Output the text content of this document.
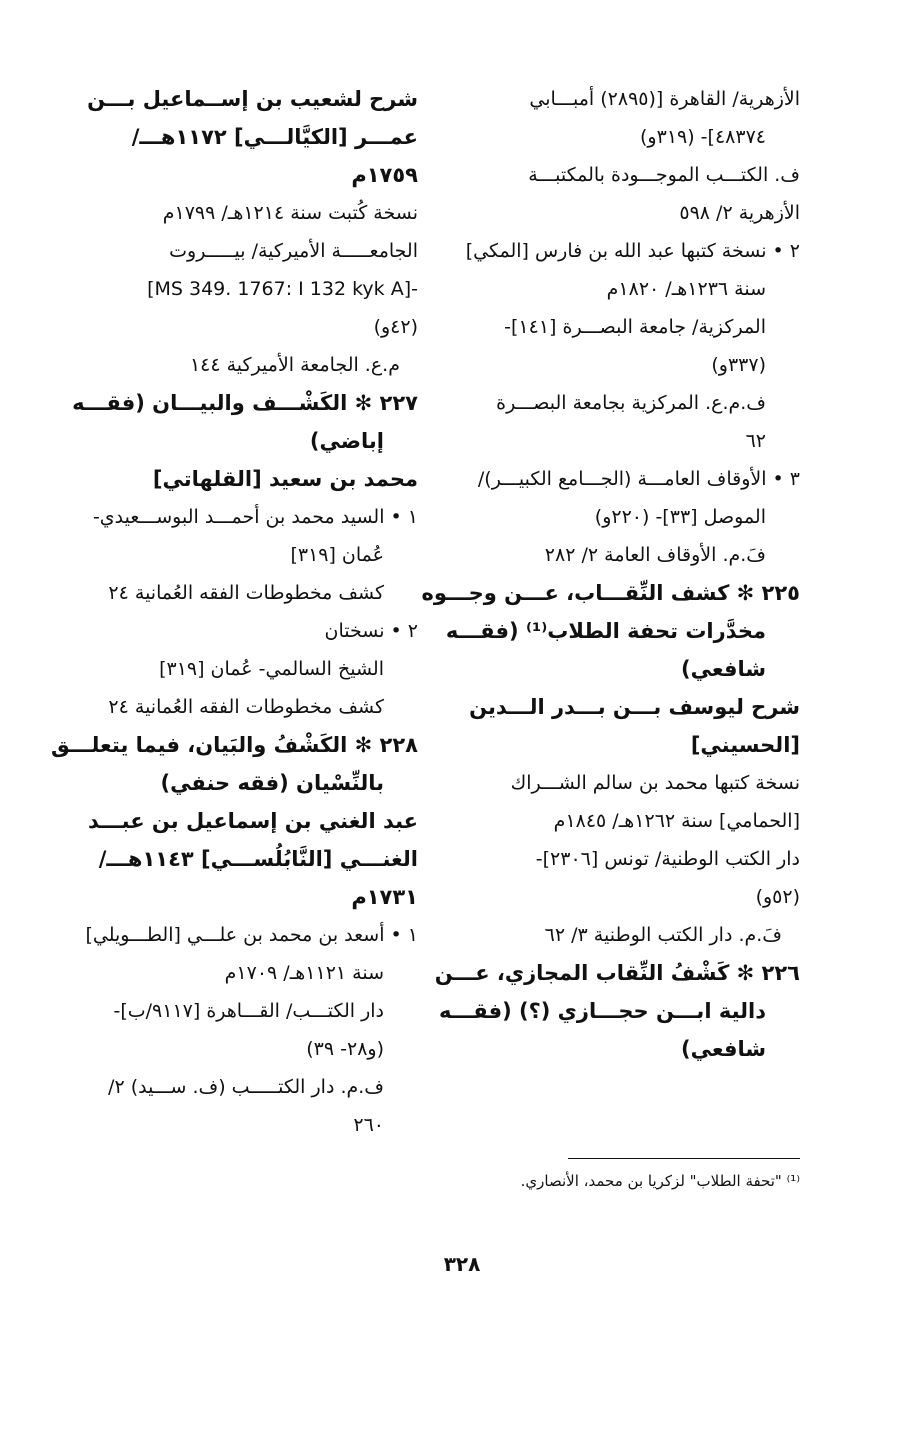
الأزهرية/ القاهرة [(٢٨٩٥) أمبـــابي
٤٨٣٧٤]- (٣١٩و)
ف. الكتـــب الموجـــودة بالمكتبـــة
الأزهرية ٢/ ٥٩٨
٢ • نسخة كتبها عبد الله بن فارس [المكي]
سنة ١٢٣٦هـ/ ١٨٢٠م
المركزية/ جامعة البصـــرة [١٤١]-
(٣٣٧و)
ف.م.ع. المركزية بجامعة البصـــرة
٦٢
٣ • الأوقاف العامـــة (الجـــامع الكبيـــر)/
الموصل [٣٣]- (٢٢٠و)
فَ.م. الأوقاف العامة ٢/ ٢٨٢
٢٢٥ ✻ كشف النِّقـــاب، عـــن وجـــوه
مخدَّرات تحفة الطلاب⁽¹⁾ (فقـــه
شافعي)
شرح ليوسف بـــن بـــدر الـــدين
[الحسيني]
نسخة كتبها محمد بن سالم الشـــراك
[الحمامي] سنة ١٢٦٢هـ/ ١٨٤٥م
دار الكتب الوطنية/ تونس [٢٣٠٦]-
(٥٢و)
فَ.م. دار الكتب الوطنية ٣/ ٦٢
٢٢٦ ✻ كَشْفُ النِّقاب المجازي، عـــن
دالية ابـــن حجـــازي (؟) (فقـــه
شافعي)
شرح لشعيب بن إســماعيل بـــن
عمـــر [الكيَّالـــي] ١١٧٢هـــ/
١٧٥٩م
نسخة كُتبت سنة ١٢١٤هـ/ ١٧٩٩م
الجامعـــــة الأميركية/ بيـــــروت
-[MS 349. 1767: I 132 kyk A]
(٤٢و)
م.ع. الجامعة الأميركية ١٤٤
٢٢٧ ✻ الكَشْـــف والبيـــان (فقـــه
إباضي)
محمد بن سعيد [القلهاتي]
١ • السيد محمد بن أحمـــد البوســـعيدي-
عُمان [٣١٩]
كشف مخطوطات الفقه العُمانية ٢٤
٢ • نسختان
الشيخ السالمي- عُمان [٣١٩]
كشف مخطوطات الفقه العُمانية ٢٤
٢٢٨ ✻ الكَشْفُ والبَيان، فيما يتعلـــق
بالنِّسْيان (فقه حنفي)
عبد الغني بن إسماعيل بن عبـــد
الغنـــي [النَّابُلُســـي] ١١٤٣هـــ/
١٧٣١م
١ • أسعد بن محمد بن علـــي [الطـــويلي]
سنة ١١٢١هـ/ ١٧٠٩م
دار الكتـــب/ القـــاهرة [٩١١٧/ب]-
(و٢٨- ٣٩)
ف.م. دار الكتـــــب (ف. ســـيد) ٢/
٢٦٠
⁽¹⁾ "تحفة الطلاب" لزكريا بن محمد، الأنصاري.
٣٢٨
